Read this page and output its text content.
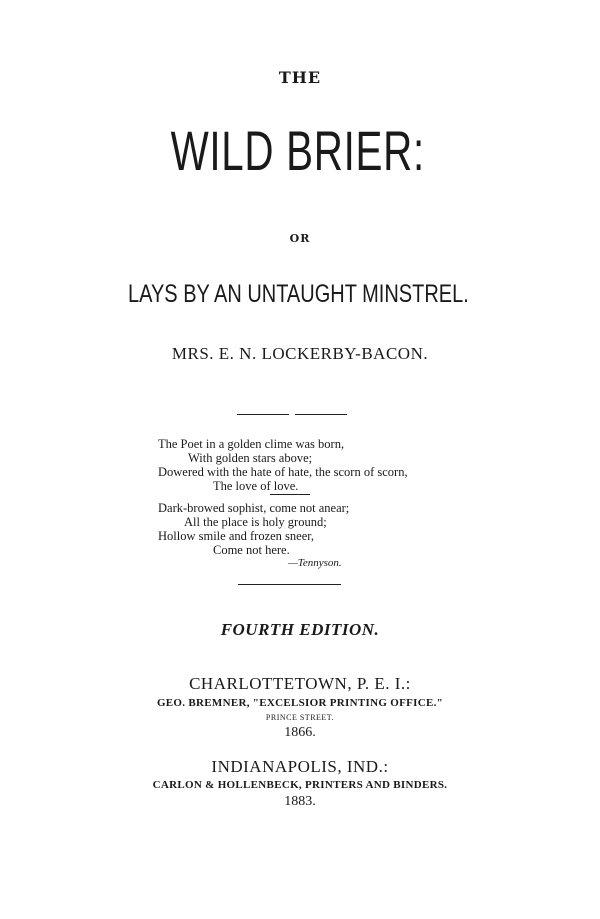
THE
WILD BRIER:
OR
LAYS BY AN UNTAUGHT MINSTREL.
MRS. E. N. LOCKERBY-BACON.
The Poet in a golden clime was born,
With golden stars above;
Dowered with the hate of hate, the scorn of scorn,
The love of love.
Dark-browed sophist, come not anear;
All the place is holy ground;
Hollow smile and frozen sneer,
Come not here.
—Tennyson.
FOURTH EDITION.
CHARLOTTETOWN, P. E. I.:
GEO. BREMNER, "EXCELSIOR PRINTING OFFICE."
PRINCE STREET.
1866.
INDIANAPOLIS, IND.:
CARLON & HOLLENBECK, PRINTERS AND BINDERS.
1883.
